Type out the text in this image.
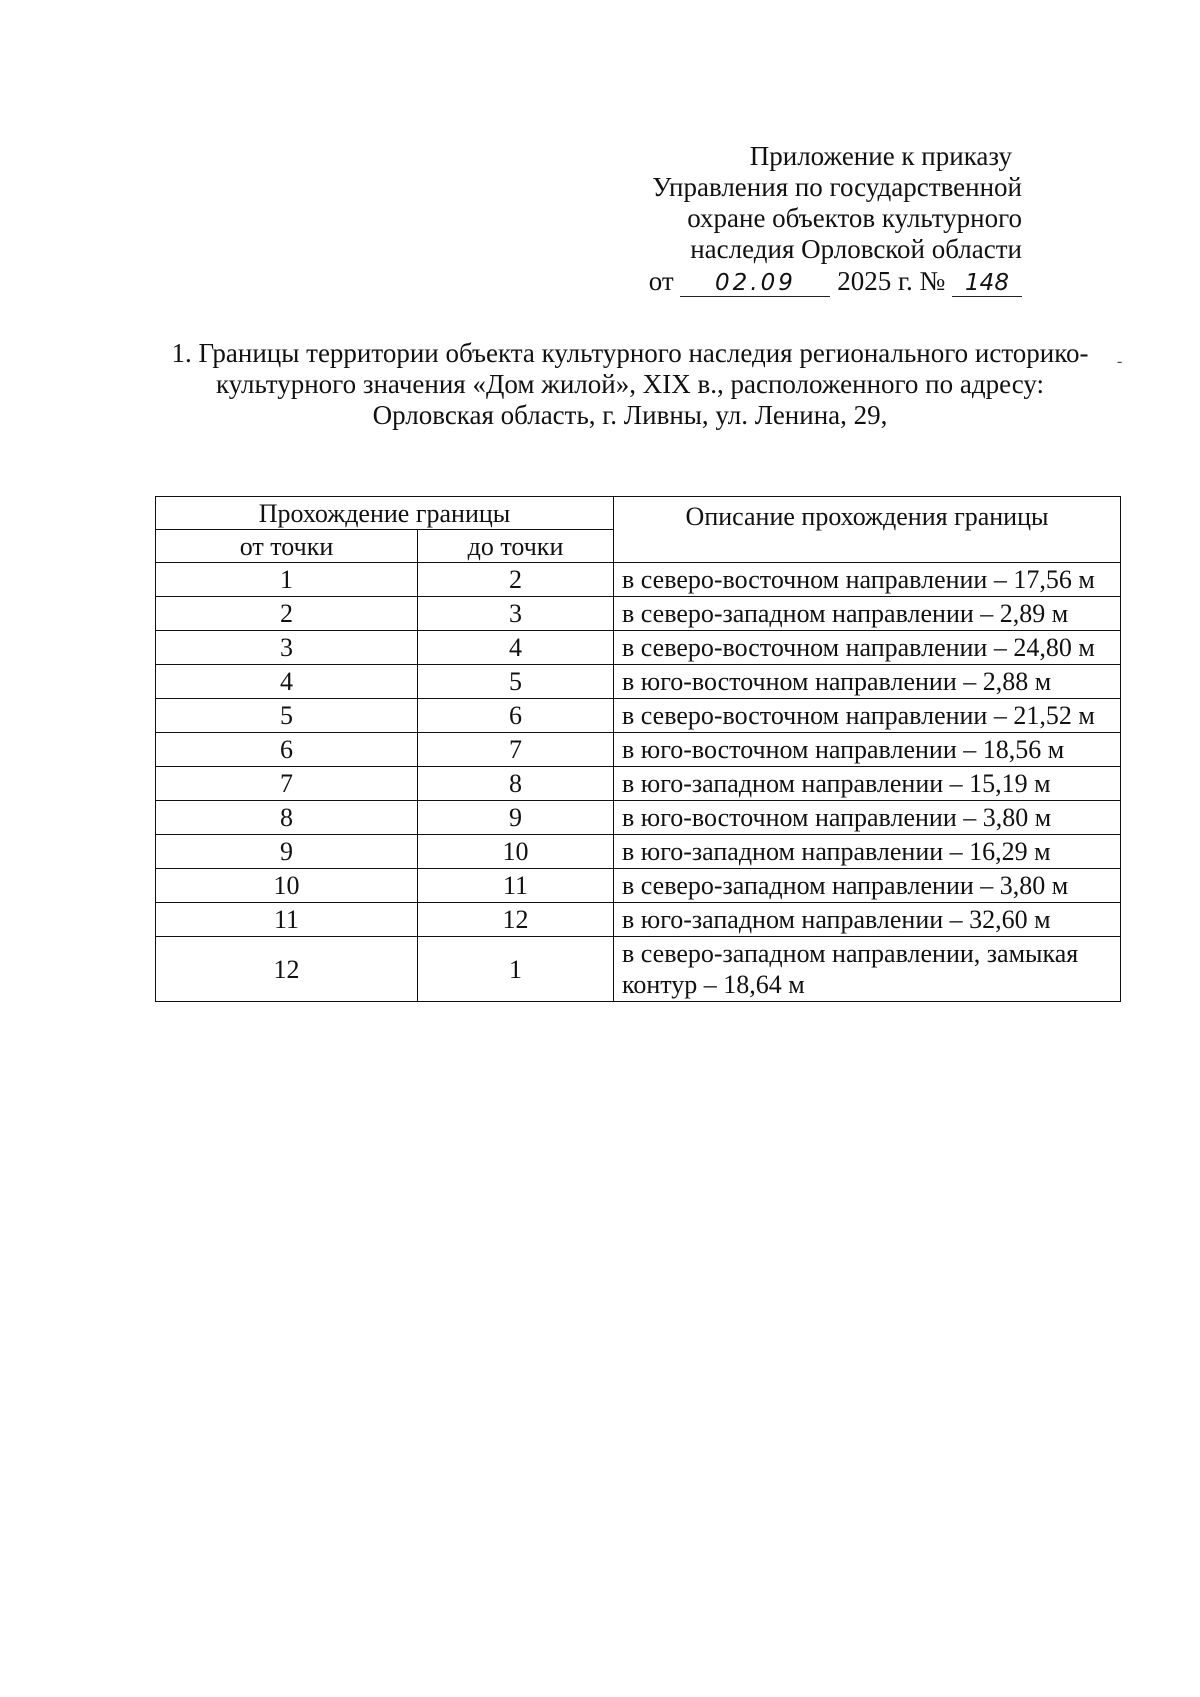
Приложение к приказу
Управления по государственной
охране объектов культурного
наследия Орловской области
от 02.09 2025 г. № 148
1. Границы территории объекта культурного наследия регионального историко-
культурного значения «Дом жилой», XIX в., расположенного по адресу:
Орловская область, г. Ливны, ул. Ленина, 29,
-
Прохождение границы		Описание прохождения границы
от точки	до точки	
1	2	в северо-восточном направлении – 17,56 м
2	3	в северо-западном направлении – 2,89 м
3	4	в северо-восточном направлении – 24,80 м
4	5	в юго-восточном направлении – 2,88 м
5	6	в северо-восточном направлении – 21,52 м
6	7	в юго-восточном направлении – 18,56 м
7	8	в юго-западном направлении – 15,19 м
8	9	в юго-восточном направлении – 3,80 м
9	10	в юго-западном направлении – 16,29 м
10	11	в северо-западном направлении – 3,80 м
11	12	в юго-западном направлении – 32,60 м
12	1	в северо-западном направлении, замыкая контур – 18,64 м
